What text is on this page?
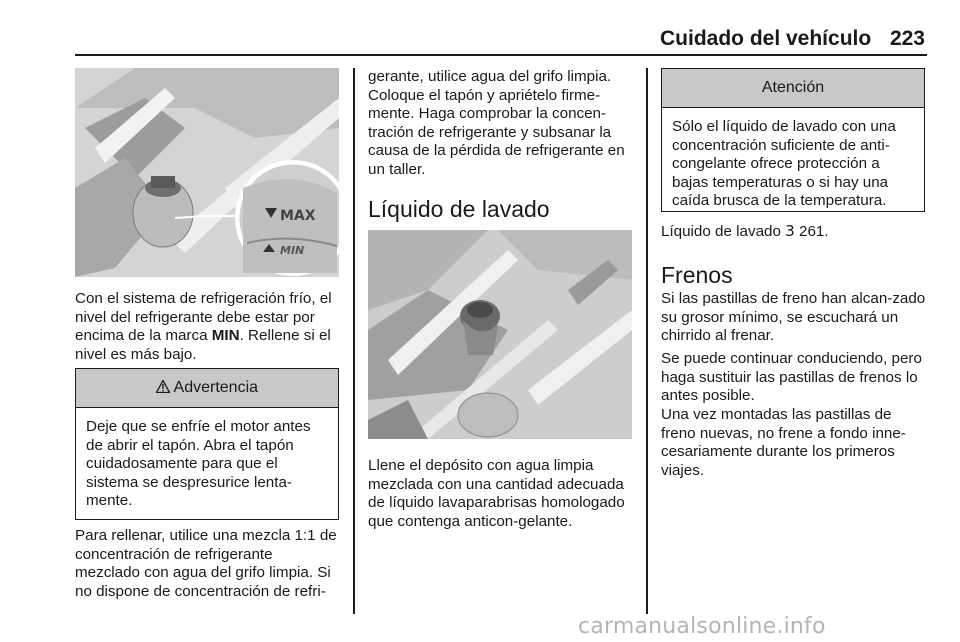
Cuidado del vehículo 223
MAX
MIN

Con el sistema de refrigeración frío, el nivel del refrigerante debe estar por encima de la marca MIN. Rellene si el nivel es más bajo.

Advertencia
Deje que se enfríe el motor antes de abrir el tapón. Abra el tapón cuidadosamente para que el sistema se despresurice lenta-mente.

Para rellenar, utilice una mezcla 1:1 de concentración de refrigerante mezclado con agua del grifo limpia. Si no dispone de concentración de refri-

gerante, utilice agua del grifo limpia. Coloque el tapón y apriételo firme-mente. Haga comprobar la concen-tración de refrigerante y subsanar la causa de la pérdida de refrigerante en un taller.

Líquido de lavado

Llene el depósito con agua limpia mezclada con una cantidad adecuada de líquido lavaparabrisas homologado que contenga anticon-gelante.

Atención
Sólo el líquido de lavado con una concentración suficiente de anti-congelante ofrece protección a bajas temperaturas o si hay una caída brusca de la temperatura.

Líquido de lavado 3 261.

Frenos

Si las pastillas de freno han alcan-zado su grosor mínimo, se escuchará un chirrido al frenar.

Se puede continuar conduciendo, pero haga sustituir las pastillas de frenos lo antes posible.

Una vez montadas las pastillas de freno nuevas, no frene a fondo inne-cesariamente durante los primeros viajes.

carmanualsonline.info
